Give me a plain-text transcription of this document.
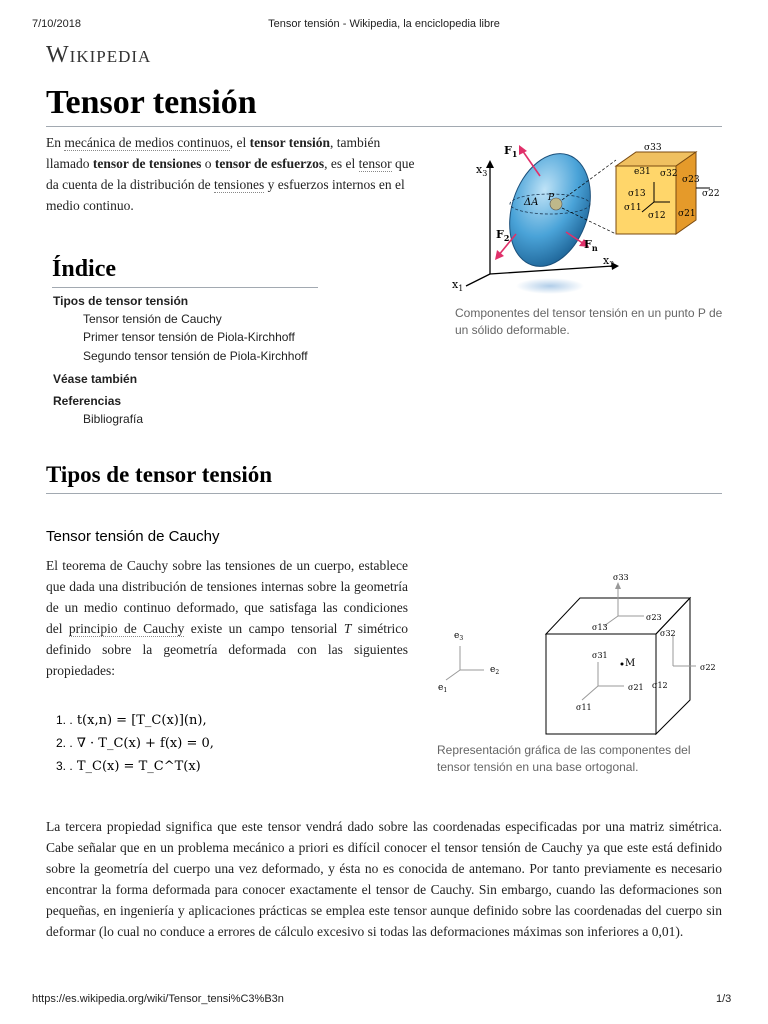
7/10/2018	Tensor tensión - Wikipedia, la enciclopedia libre
Wikipedia
Tensor tensión

En mecánica de medios continuos, el tensor tensión, también llamado tensor de tensiones o tensor de esfuerzos, es el tensor que da cuenta de la distribución de tensiones y esfuerzos internos en el medio continuo.

$x_3$
$x_2$
$x_1$
ΔA P
$F_1$
$F_2$	$F_n$
σ33
e31 σ32
σ13
σ23
σ11
σ12 σ21
σ22
Componentes del tensor tensión en un punto P de un sólido deformable.
Índice
Tipos de tensor tensión
Tensor tensión de Cauchy
Primer tensor tensión de Piola-Kirchhoff
Segundo tensor tensión de Piola-Kirchhoff
Véase también
Referencias
Bibliografía
Tipos de tensor tensión
Tensor tensión de Cauchy

El teorema de Cauchy sobre las tensiones de un cuerpo, establece que dada una distribución de tensiones internas sobre la geometría de un medio continuo deformado, que satisfaga las condiciones del principio de Cauchy existe un campo tensorial T simétrico definido sobre la geometría deformada con las siguientes propiedades:

1. . t(x,n) = [T_C(x)](n),
2. . ∇ · T_C(x) + f(x) = 0,
3. . T_C(x) = T_C^T(x)
σ33
σ23
σ13
σ32
σ22
σ12
σ31
σ21
σ11
M
$e_3$
$e_2$
$e_1$
Representación gráfica de las componentes del tensor tensión en una base ortogonal.

La tercera propiedad significa que este tensor vendrá dado sobre las coordenadas especificadas por una matriz simétrica. Cabe señalar que en un problema mecánico a priori es difícil conocer el tensor tensión de Cauchy ya que este está definido sobre la geometría del cuerpo una vez deformado, y ésta no es conocida de antemano. Por tanto previamente es necesario encontrar la forma deformada para conocer exactamente el tensor de Cauchy. Sin embargo, cuando las deformaciones son pequeñas, en ingeniería y aplicaciones prácticas se emplea este tensor aunque definido sobre las coordenadas del cuerpo sin deformar (lo cual no conduce a errores de cálculo excesivo si todas las deformaciones máximas son inferiores a 0,01).

https://es.wikipedia.org/wiki/Tensor_tensi%C3%B3n	1/3
